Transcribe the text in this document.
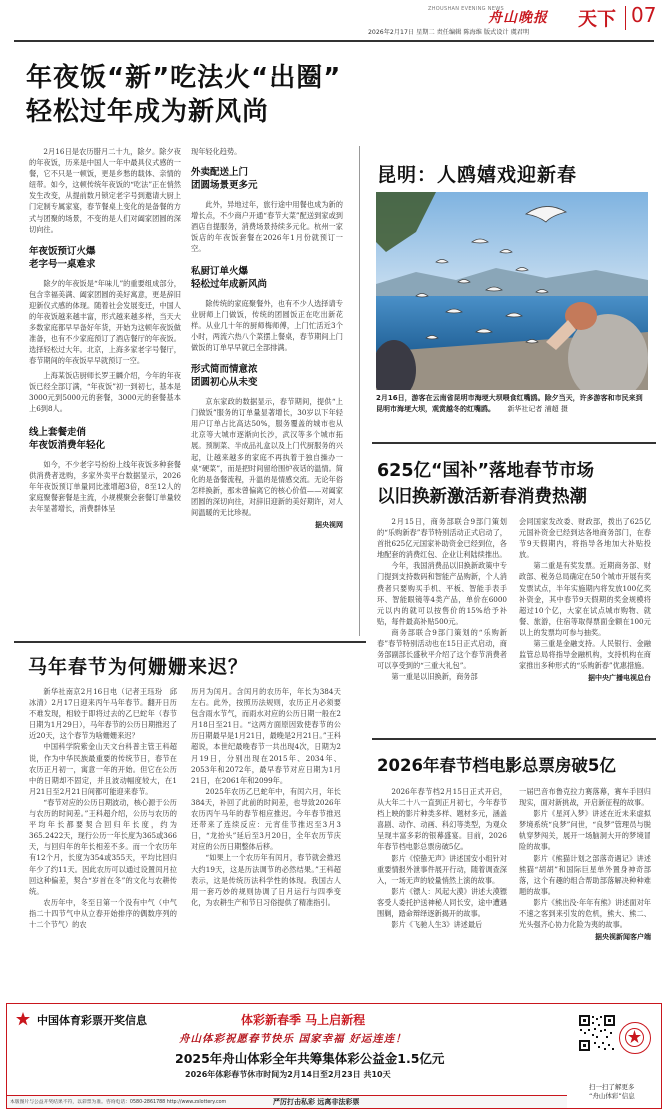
ZHOUSHAN EVENING NEWS
舟山晚报 天下 07
2026年2月17日 星期二 责任编辑 陈海维 版式设计 虞君明
年夜饭“新”吃法火“出圈”
轻松过年成为新风尚

2月16日是农历腊月二十九，除夕。除夕夜的年夜饭，历来是中国人一年中最具仪式感的一餐，它不只是一顿饭，更是乡愁的载体、亲情的纽带。如今，这顿传统年夜饭的“吃法”正在悄然发生改变，从提前数月锁定老字号到邀请大厨上门定制专属家宴，春节餐桌上变化的是备餐的方式与团聚的场景，不变的是人们对阖家团圆的深切向往。

年夜饭预订火爆
老字号一桌难求

除夕的年夜饭是“年味儿”的重要组成部分，包含幸福美满、阖家团圆的美好寓意，更是辞旧迎新仪式感的体现。随着社会发展变迁，中国人的年夜饭越来越丰富，形式越来越多样，当天大多数家庭都早早备好年货，开始为这顿年夜饭做准备，也有不少家庭预订了酒店餐厅的年夜饭。选择轻松过大年。北京，上海多家老字号餐厅，春节期间的年夜饭早早就预订一空。

上海某饭店厨师长罗王麟介绍，今年的年夜饭已经全部订满，“年夜饭”初一到初七，基本是3000元到5000元的套餐，3000元的套餐基本上6到8人。

线上套餐走俏
年夜饭消费年轻化

如今，不少老字号纷纷上线年夜饭多种套餐供消费者选购，多家外卖平台数据显示，2026年年夜饭预订单量同比涨增超3倍，8至12人的家庭聚餐套餐是主流，小规模聚会套餐订单量较去年显著增长，消费群体呈

现年轻化趋势。

外卖配送上门
团圆场景更多元

此外，异地过年，旅行途中用餐也成为新的增长点，不少商户开通“春节大菜”配送到家或到酒店自提服务，消费场景持续多元化。杭州一家饭店的年夜饭套餐在2026年1月份就预订一空。

私厨订单火爆
轻松过年成新风尚

除传统的家庭聚餐外，也有不少人选择请专业厨师上门做饭，传统的团圆饭正在吃出新花样。从业几十年的厨师梅师傅，上门忙活近3个小时，两流六热八个菜摆上餐桌，春节期间上门做饭的订单早早就已全部排满。

形式简而情意浓
团圆初心从未变

京东家政的数据显示，春节期间，提供“上门做饭”服务的订单量显著增长，30岁以下年轻用户订单占比高达50%，服务覆盖的城市也从北京等大城市逐渐向长沙，武汉等多个城市拓展。预制菜、半成品礼盒以及上门代厨服务的兴起，让越来越多的家庭不再执着于独自操办一桌“硬菜”，而是把时间留给围炉夜话的温情。简化的是备餐流程，升温的是情感交流。无论年俗怎样换新，那未曾偏离它的核心价值——对阖家团圆的深切向往，对辞旧迎新的美好期许，对人间温暖的无比珍视。

据央视网
昆明：人鸥嬉戏迎新春
2月16日，游客在云南省昆明市海埂大坝喂食红嘴鸥。除夕当天，许多游客和市民来到昆明市海埂大坝，观赏越冬的红嘴鸥。 新华社记者 浦超 摄
625亿“国补”落地春节市场
以旧换新激活新春消费热潮

2月15日，商务部联合9部门策划的“乐购新春”春节特别活动正式启动了，首批625亿元国家补助资金已经到位，各地配套的消费红包、企业让利陆续推出。

今年，我国消费品以旧换新政策中专门提到支持数码和智能产品购新，个人消费者只要购买手机、平板、智能手表手环、智能眼镜等4类产品，单价在6000元以内的就可以按售价的15%给予补贴，每件最高补贴500元。

商务部联合9部门策划的“乐购新春”春节特别活动也在15日正式启动，商务部副部长盛秋平介绍了这个春节消费者可以享受到的“三重大礼包”。

第一重是以旧换新，商务部

会同国家发改委、财政部，拨出了625亿元国补资金已经到达各地商务部门，在春节9天假期内，将指导各地加大补贴投放。

第二重是有奖发票。近期商务部、财政部、税务总局确定在50个城市开展有奖发票试点，半年实施期内将发放100亿奖补资金，其中春节9天假期的奖金规模将超过10个亿，大家在试点城市购物、就餐、旅游，住宿等取得票面金额在100元以上的发票均可参与抽奖。

第三重是金融支持。人民银行、金融监管总局将指导金融机构，支持机构在商家推出多种形式的“乐购新春”优惠措施。

据中央广播电视总台
马年春节为何姗姗来迟？

新华社南京2月16日电（记者王珏玢　邱冰清）2月17日迎来丙午马年春节。翻开日历不难发现，相较于即将过去的乙巳蛇年（春节日期为1月29日），马年春节的公历日期推迟了近20天，这个春节为啥姗姗来迟？

中国科学院紫金山天文台科普主管王科超说，作为中华民族最重要的传统节日，春节在农历正月初一，寓意一年的开始。但它在公历中的日期却不固定，并且波动幅度较大，在1月21日至2月21日间都可能迎来春节。

“春节对应的公历日期波动，核心源于公历与农历的时间差。”王科超介绍，公历与农历的平均年长都要契合回归年长度，约为365.2422天，现行公历一年长度为365或366天，与回归年的年长相差不多。而一个农历年有12个月，长度为354或355天，平均比回归年少了约11天。因此农历可以通过设置闰月拉回这种偏差，契合“岁首在冬”的文化与农耕传统。

农历年中，冬至日第一个没有中气（中气指二十四节气中从立春开始排序的偶数序列的十二个节气）的农

历月为闰月。含闰月的农历年，年长为384天左右。此外，按照历法规则，农历正月必须要包含雨水节气，而雨水对应的公历日期一般在2月18日至21日。“这两方面原因致使春节的公历日期最早是1月21日，最晚是2月21日。”王科超说，本世纪最晚春节一共出现4次，日期为2月19日，分别出现在2015年、2034年、2053年和2072年，最早春节对应日期为1月21日，在2061年和2099年。

2025年农历乙巳蛇年中，有闰六月，年长384天，补回了此前的时间差，也导致2026年农历丙午马年的春节相应推迟。今年春节推迟还带来了连续反应：元宵佳节推迟至3月3日，“龙抬头”延后至3月20日，全年农历节庆对应的公历日期整体后移。

“如果上一个农历年有闰月，春节就会推迟大约19天，这是历法调节的必然结果。”王科超表示，这是传统历法科学性的体现。我国古人用一套巧妙的规则协调了日月运行与四季变化，为农耕生产和节日习俗提供了精准指引。

2026年春节档电影总票房破5亿

2026年春节档2月15日正式开启，从大年二十八一直到正月初七，今年春节档上映的影片种类多样、题材多元，涵盖喜剧、动作、动画、科幻等类型，为观众呈现丰富多彩的银幕盛宴。目前，2026年春节档电影总票房破5亿。

影片《惊蛰无声》讲述国安小组针对重要情报外泄事件展开行动，随着调查深入，一场无声的较量悄然上演的故事。

影片《镖人：风起大漠》讲述大漠镖客受人委托护送神秘人同长安，途中遭遇围剿，踏命辩绎逐新揭开的故事。

影片《飞驰人生3》讲述最后

一届巴音布鲁克拉力赛落幕，赛车手回归现实，面对新挑战，开启新征程的故事。

影片《星河入梦》讲述在近未来虚拟梦境系统“良梦”问世，“良梦”管理员与脱轨穿梦闯关，展开一场脑洞大开的梦境冒险的故事。

影片《熊猫计划之部落奇遇记》讲述熊猫“胡胡”和国际巨星单外置身神奇部落，这个有趣的组合帮助部落解决种种难题的故事。

影片《熊出没·年年有熊》讲述面对年不速之客到来引发的危机，熊大、熊二、光头强齐心协力化险为夷的故事。

据央视新闻客户端
中国体育彩票开奖信息	体彩新春季 马上启新程
舟山体彩祝愿春节快乐 国家幸福 好运连连！
2025年舟山体彩全年共筹集体彩公益金1.5亿元
2026年体彩春节休市时间为2月14日至2月23日 共10天
扫一扫了解更多
“舟山体彩”信息
本版图片与公益开奖结果不符，以彩票为准。咨询电话：0580-2861788 http://www.zslottery.com	严厉打击私彩 远离非法彩票
